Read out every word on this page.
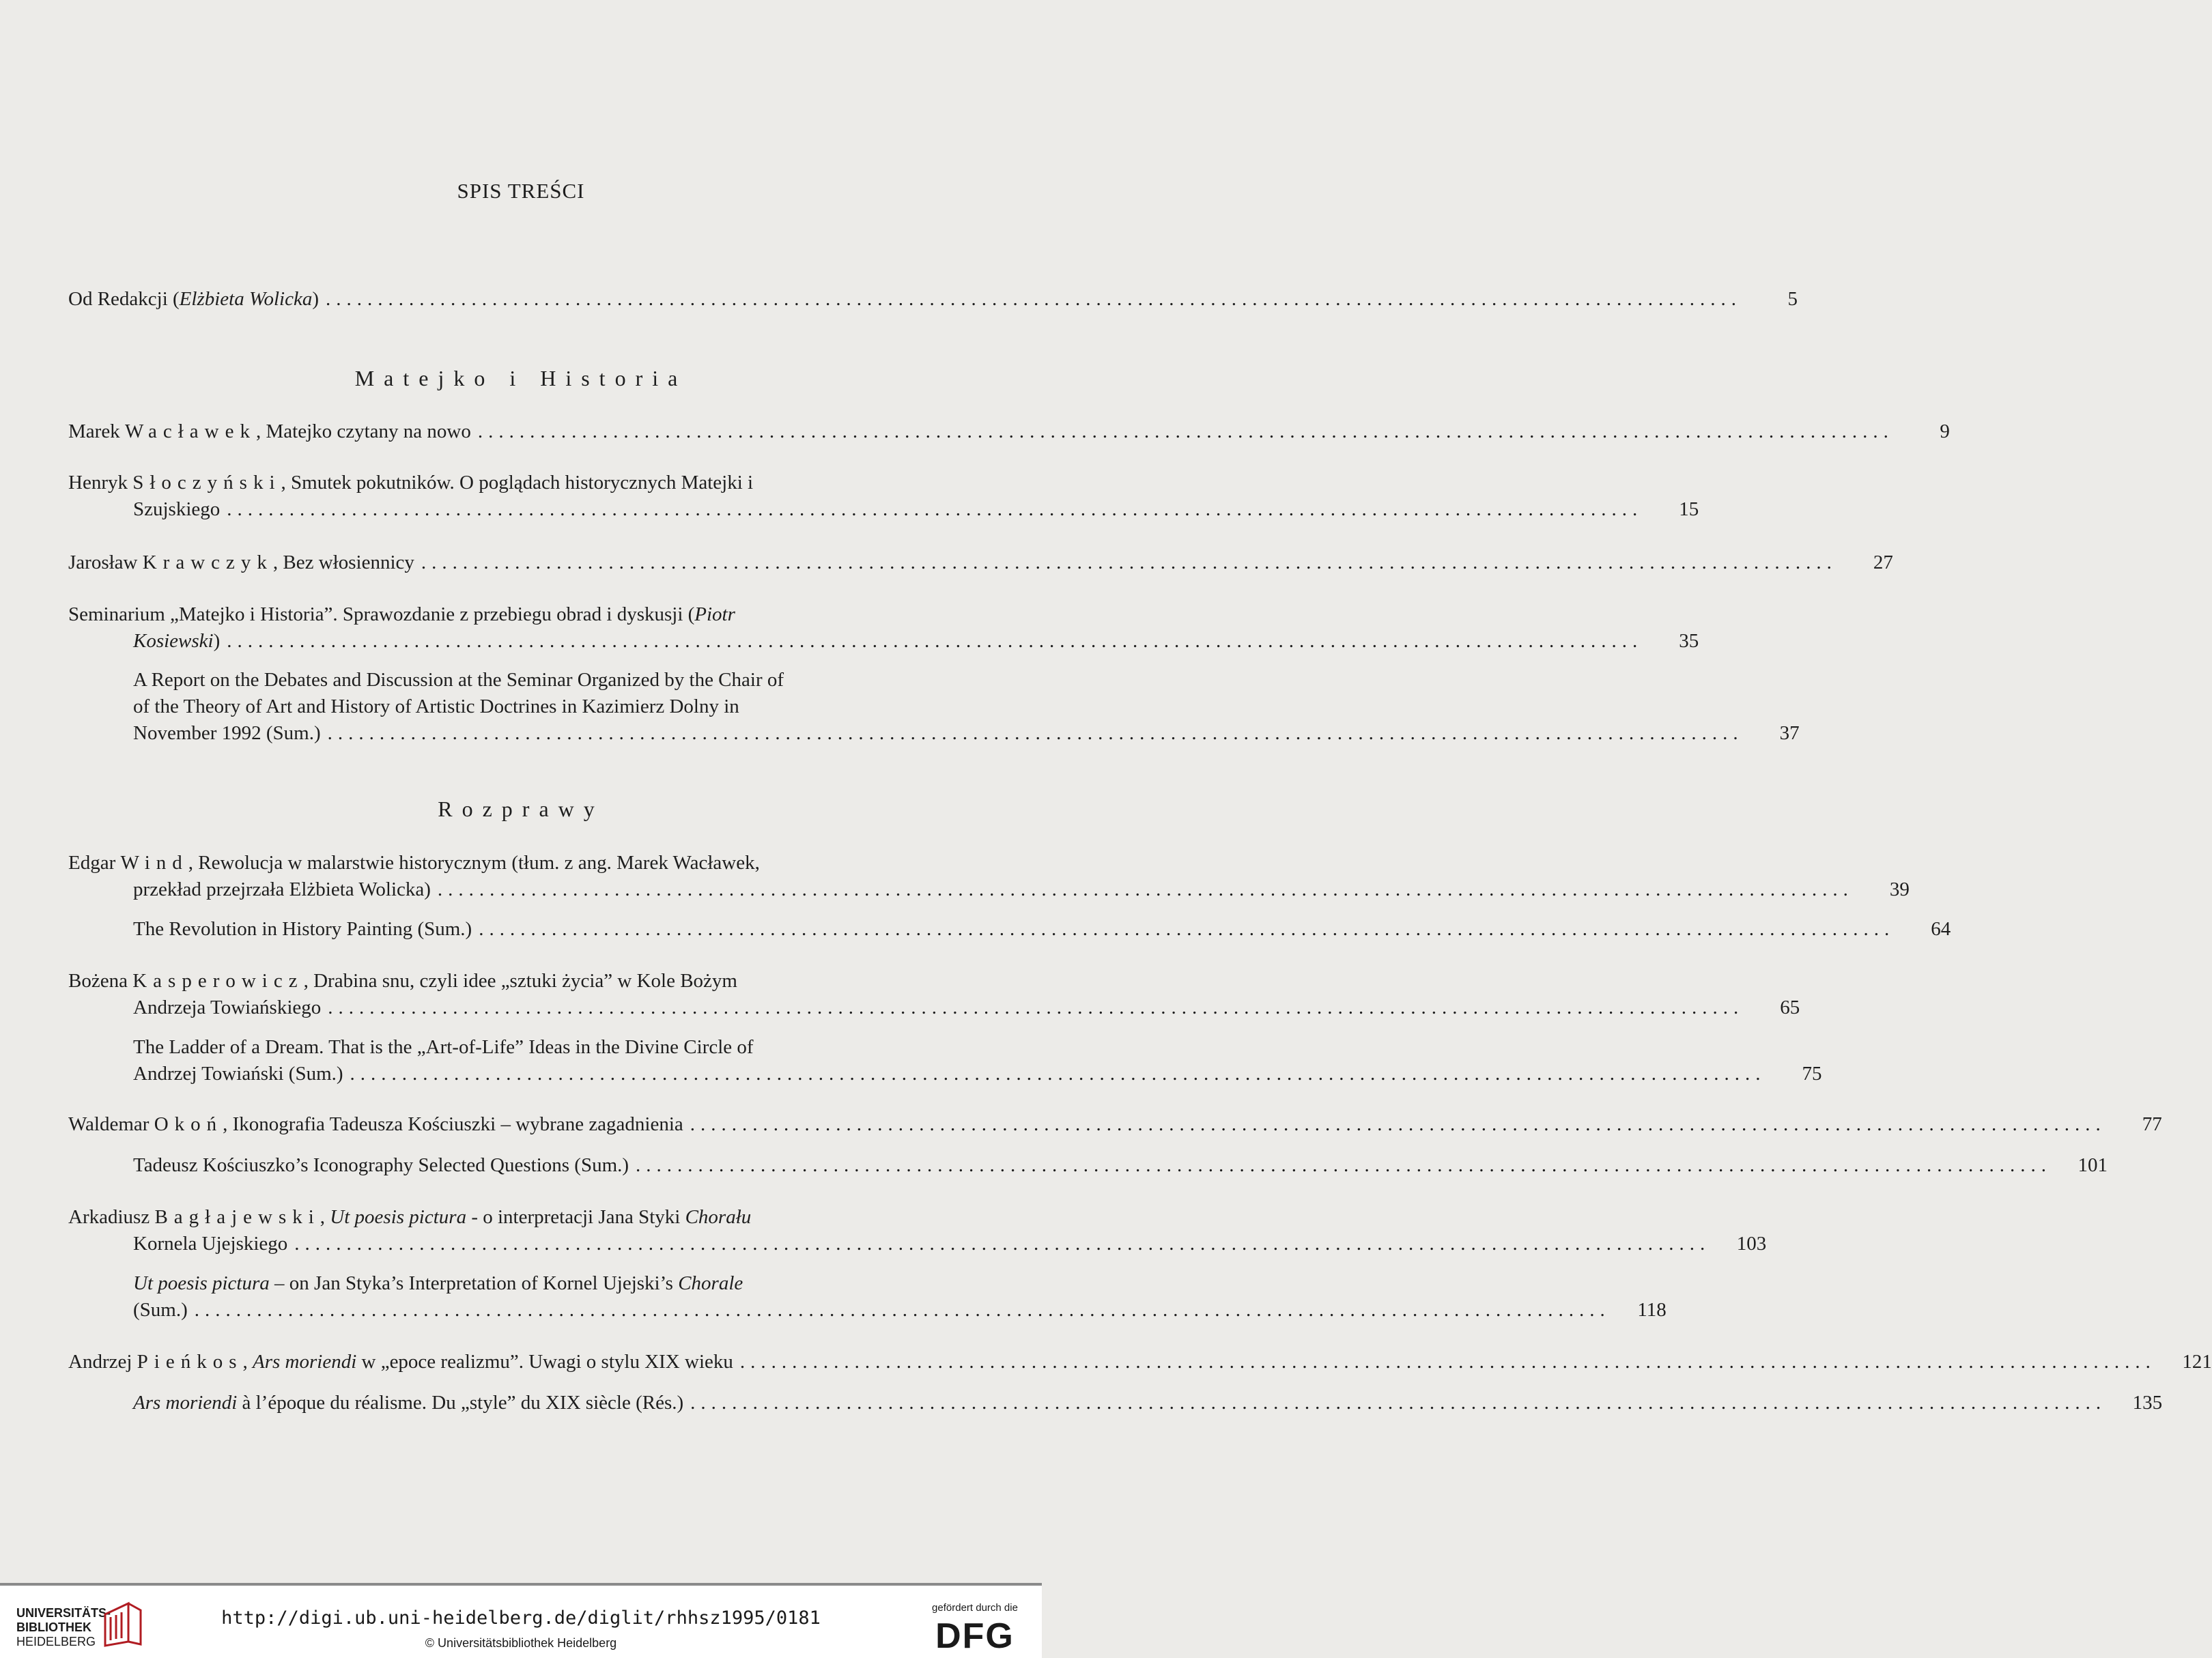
SPIS TREŚCI
Od Redakcji (Elżbieta Wolicka) ........................................................................................................................................	5
Matejko i Historia
Marek Wacławek, Matejko czytany na nowo ........................................................................................................................................	9
Henryk Słoczyński, Smutek pokutników. O poglądach historycznych Matejki i
Szujskiego ........................................................................................................................................	15
Jarosław Krawczyk, Bez włosiennicy ........................................................................................................................................	27
Seminarium „Matejko i Historia”. Sprawozdanie z przebiegu obrad i dyskusji (Piotr
Kosiewski) ........................................................................................................................................	35
A Report on the Debates and Discussion at the Seminar Organized by the Chair of
of the Theory of Art and History of Artistic Doctrines in Kazimierz Dolny in
November 1992 (Sum.) ........................................................................................................................................	37
Rozprawy
Edgar Wind, Rewolucja w malarstwie historycznym (tłum. z ang. Marek Wacławek,
przekład przejrzała Elżbieta Wolicka) ........................................................................................................................................	39
The Revolution in History Painting (Sum.) ........................................................................................................................................	64
Bożena Kasperowicz, Drabina snu, czyli idee „sztuki życia” w Kole Bożym
Andrzeja Towiańskiego ........................................................................................................................................	65
The Ladder of a Dream. That is the „Art-of-Life” Ideas in the Divine Circle of
Andrzej Towiański (Sum.) ........................................................................................................................................	75
Waldemar Okoń, Ikonografia Tadeusza Kościuszki – wybrane zagadnienia ........................................................................................................................................	77
Tadeusz Kościuszko’s Iconography Selected Questions (Sum.) ........................................................................................................................................	101
Arkadiusz Bagłajewski, Ut poesis pictura - o interpretacji Jana Styki Chorału
Kornela Ujejskiego ........................................................................................................................................	103
Ut poesis pictura – on Jan Styka’s Interpretation of Kornel Ujejski’s Chorale
(Sum.) ........................................................................................................................................	118
Andrzej Pieńkos, Ars moriendi w „epoce realizmu”. Uwagi o stylu XIX wieku ........................................................................................................................................	121
Ars moriendi à l’époque du réalisme. Du „style” du XIX siècle (Rés.) ........................................................................................................................................	135
UNIVERSITÄTS-
BIBLIOTHEK
HEIDELBERG
http://digi.ub.uni-heidelberg.de/diglit/rhhsz1995/0181
© Universitätsbibliothek Heidelberg
gefördert durch die
DFG
